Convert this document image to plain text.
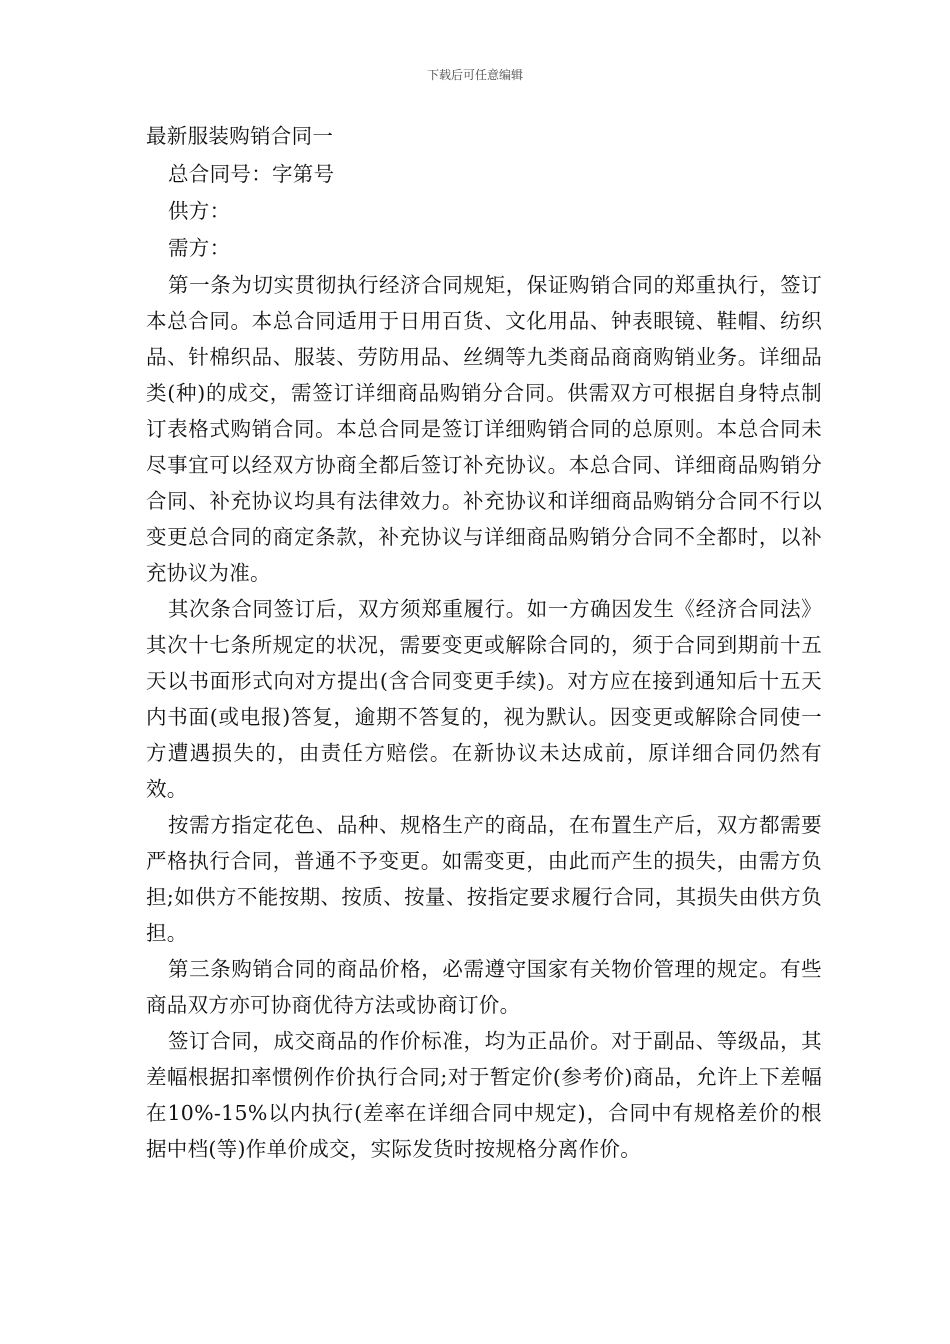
下载后可任意编辑

最新服装购销合同一

总合同号：字第号

供方：

需方：

第一条为切实贯彻执行经济合同规矩，保证购销合同的郑重执行，签订本总合同。本总合同适用于日用百货、文化用品、钟表眼镜、鞋帽、纺织品、针棉织品、服装、劳防用品、丝绸等九类商品商商购销业务。详细品类(种)的成交，需签订详细商品购销分合同。供需双方可根据自身特点制订表格式购销合同。本总合同是签订详细购销合同的总原则。本总合同未尽事宜可以经双方协商全都后签订补充协议。本总合同、详细商品购销分合同、补充协议均具有法律效力。补充协议和详细商品购销分合同不行以变更总合同的商定条款，补充协议与详细商品购销分合同不全都时，以补充协议为准。

其次条合同签订后，双方须郑重履行。如一方确因发生《经济合同法》其次十七条所规定的状况，需要变更或解除合同的，须于合同到期前十五天以书面形式向对方提出(含合同变更手续)。对方应在接到通知后十五天内书面(或电报)答复，逾期不答复的，视为默认。因变更或解除合同使一方遭遇损失的，由责任方赔偿。在新协议未达成前，原详细合同仍然有效。

按需方指定花色、品种、规格生产的商品，在布置生产后，双方都需要严格执行合同，普通不予变更。如需变更，由此而产生的损失，由需方负担;如供方不能按期、按质、按量、按指定要求履行合同，其损失由供方负担。

第三条购销合同的商品价格，必需遵守国家有关物价管理的规定。有些商品双方亦可协商优待方法或协商订价。

签订合同，成交商品的作价标准，均为正品价。对于副品、等级品，其差幅根据扣率惯例作价执行合同;对于暂定价(参考价)商品，允许上下差幅在10%-15%以内执行(差率在详细合同中规定)，合同中有规格差价的根据中档(等)作单价成交，实际发货时按规格分离作价。
